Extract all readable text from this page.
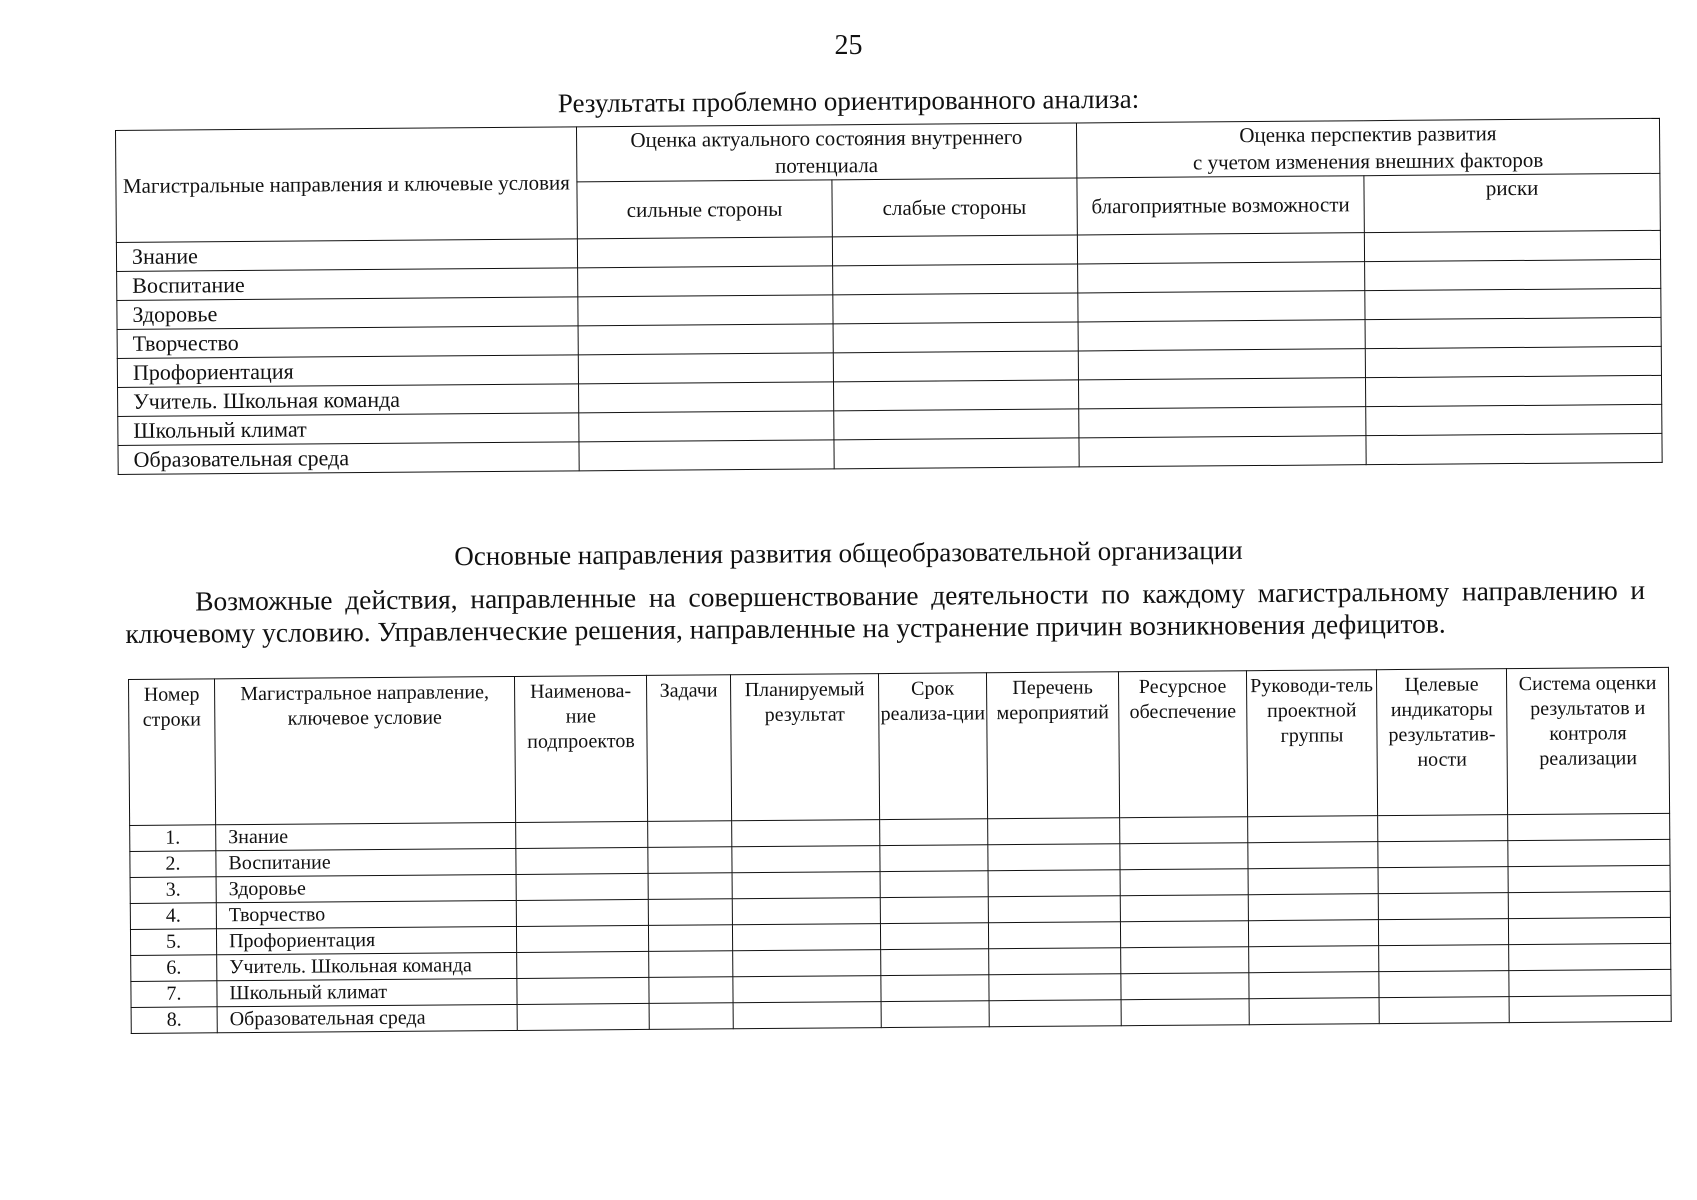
25
Результаты проблемно ориентированного анализа:
Магистральные направления и ключевые условия	Оценка актуального состояния внутреннего потенциала		Оценка перспектив развития
с учетом изменения внешних факторов	

	сильные стороны	слабые стороны	благоприятные возможности	риски
Знание				
Воспитание				
Здоровье				
Творчество				
Профориентация				
Учитель. Школьная команда				
Школьный климат				
Образовательная среда				
Основные направления развития общеобразовательной организации
Возможные действия, направленные на совершенствование деятельности по каждому магистральному направлению и ключевому условию. Управленческие решения, направленные на устранение причин возникновения дефицитов.
Номер строки	Магистральное направление, ключевое условие	Наименова-ние подпроектов	Задачи	Планируемый результат	Срок реализа-ции	Перечень мероприятий	Ресурсное обеспечение	Руководи-тель проектной группы	Целевые индикаторы результатив-ности	Система оценки результатов и контроля реализации
1.	Знание									
2.	Воспитание									
3.	Здоровье									
4.	Творчество									
5.	Профориентация									
6.	Учитель. Школьная команда									
7.	Школьный климат									
8.	Образовательная среда									
